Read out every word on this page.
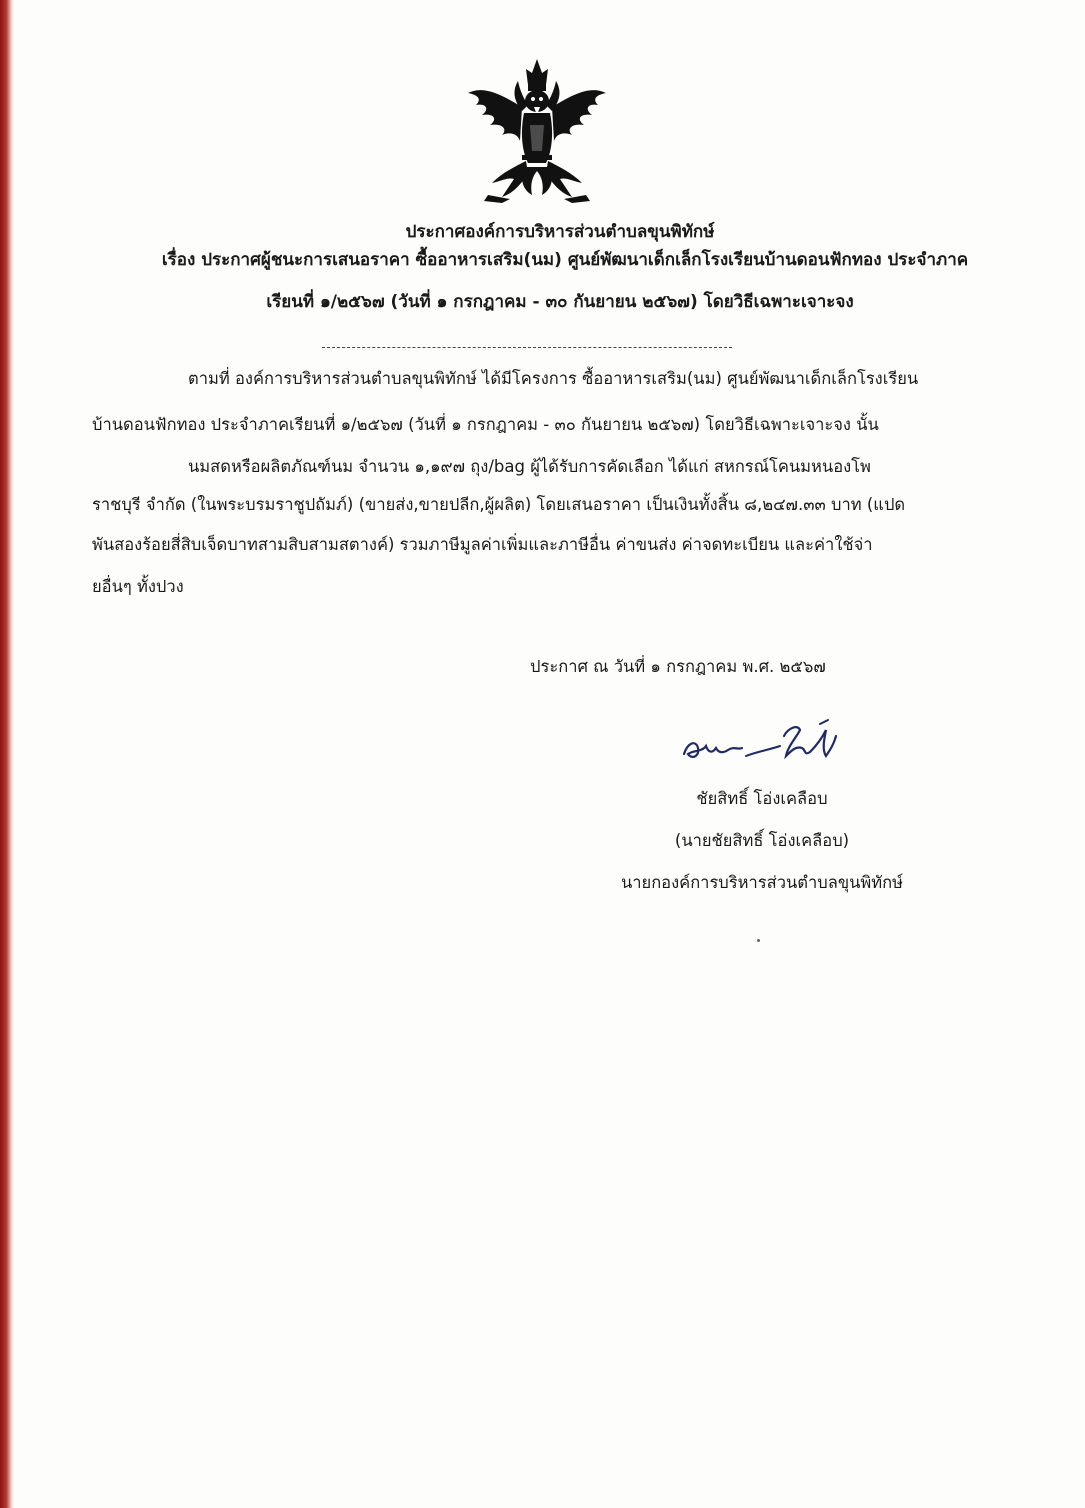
ประกาศองค์การบริหารส่วนตำบลขุนพิทักษ์
เรื่อง ประกาศผู้ชนะการเสนอราคา ซื้ออาหารเสริม(นม) ศูนย์พัฒนาเด็กเล็กโรงเรียนบ้านดอนฟักทอง ประจำภาค
เรียนที่ ๑/๒๕๖๗ (วันที่ ๑ กรกฎาคม - ๓๐ กันยายน ๒๕๖๗) โดยวิธีเฉพาะเจาะจง
ตามที่ องค์การบริหารส่วนตำบลขุนพิทักษ์ ได้มีโครงการ ซื้ออาหารเสริม(นม) ศูนย์พัฒนาเด็กเล็กโรงเรียน
บ้านดอนฟักทอง ประจำภาคเรียนที่ ๑/๒๕๖๗ (วันที่ ๑ กรกฎาคม - ๓๐ กันยายน ๒๕๖๗) โดยวิธีเฉพาะเจาะจง นั้น
นมสดหรือผลิตภัณฑ์นม จำนวน ๑,๑๙๗ ถุง/bag ผู้ได้รับการคัดเลือก ได้แก่ สหกรณ์โคนมหนองโพ
ราชบุรี จำกัด (ในพระบรมราชูปถัมภ์) (ขายส่ง,ขายปลีก,ผู้ผลิต) โดยเสนอราคา เป็นเงินทั้งสิ้น ๘,๒๔๗.๓๓ บาท (แปด
พันสองร้อยสี่สิบเจ็ดบาทสามสิบสามสตางค์) รวมภาษีมูลค่าเพิ่มและภาษีอื่น ค่าขนส่ง ค่าจดทะเบียน และค่าใช้จ่า
ยอื่นๆ ทั้งปวง
ประกาศ ณ วันที่ ๑ กรกฎาคม พ.ศ. ๒๕๖๗
ชัยสิทธิ์ โอ่งเคลือบ
(นายชัยสิทธิ์ โอ่งเคลือบ)
นายกองค์การบริหารส่วนตำบลขุนพิทักษ์
